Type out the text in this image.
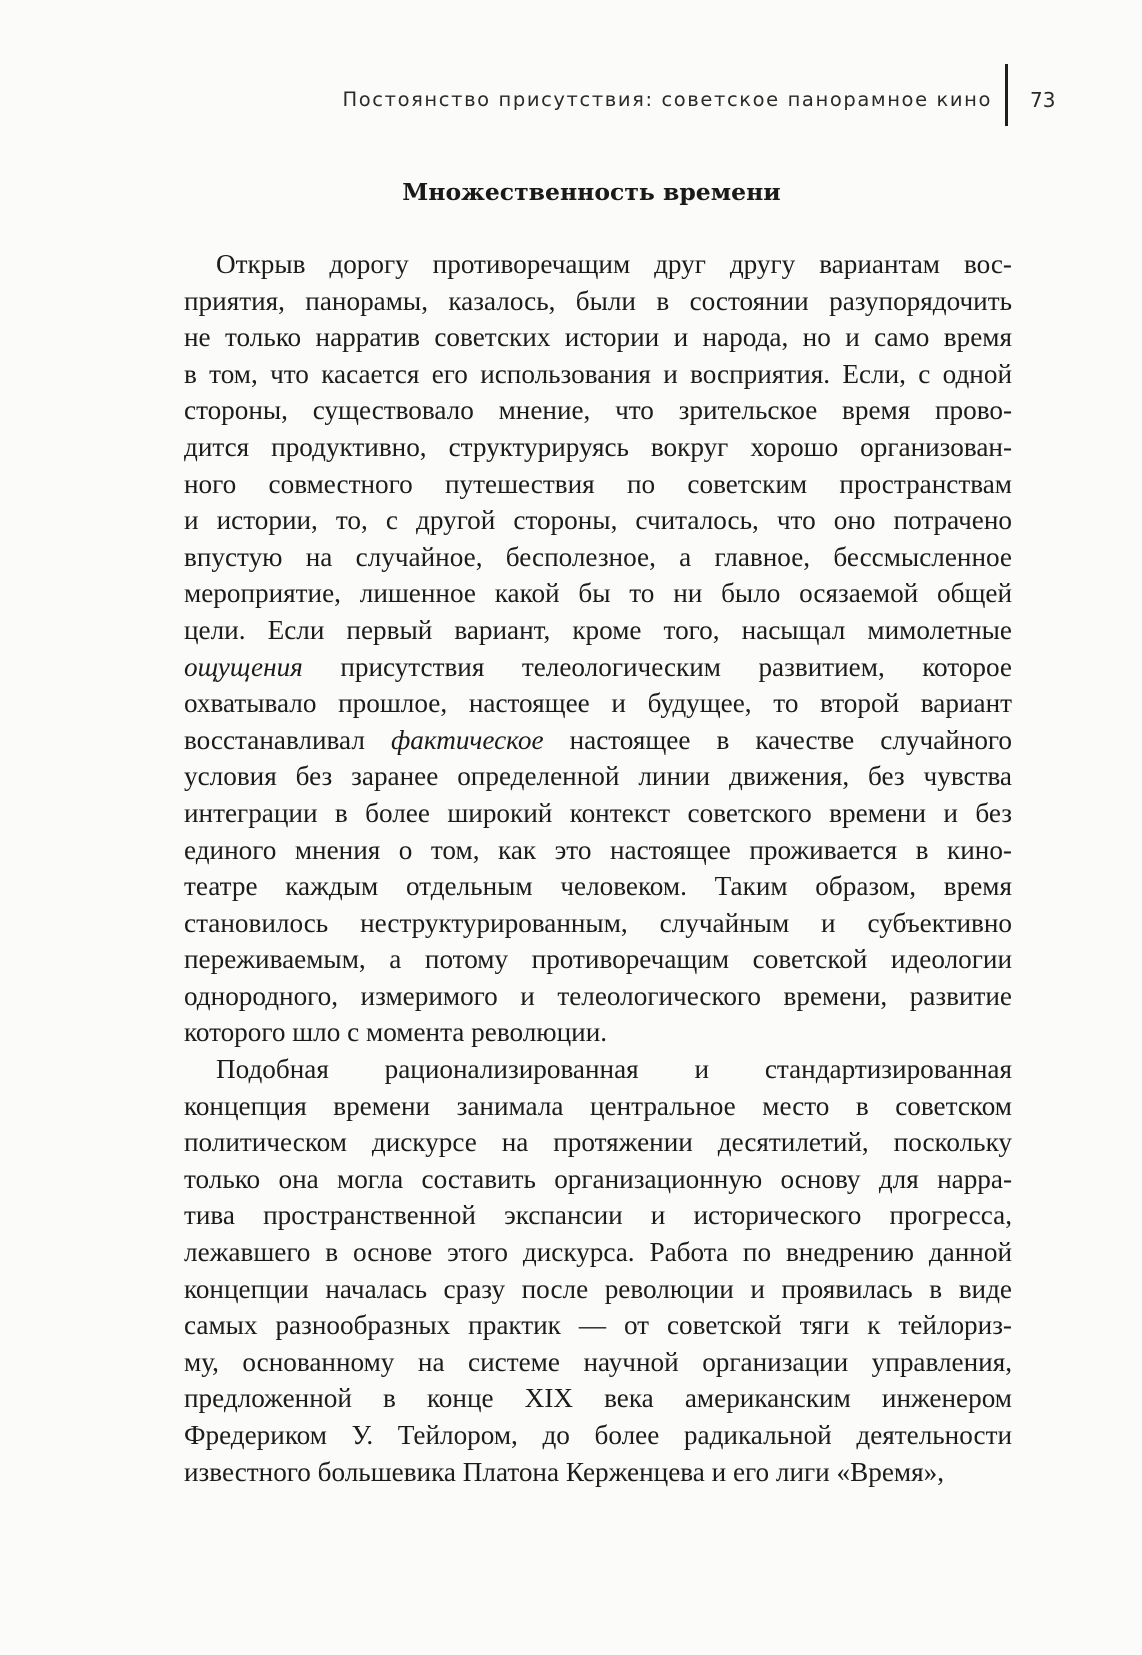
Постоянство присутствия: советское панорамное кино 73
Множественность времени
Открыв дорогу противоречащим друг другу вариантам вос-
приятия, панорамы, казалось, были в состоянии разупорядочить
не только нарратив советских истории и народа, но и само время
в том, что касается его использования и восприятия. Если, с одной
стороны, существовало мнение, что зрительское время прово-
дится продуктивно, структурируясь вокруг хорошо организован-
ного совместного путешествия по советским пространствам
и истории, то, с другой стороны, считалось, что оно потрачено
впустую на случайное, бесполезное, а главное, бессмысленное
мероприятие, лишенное какой бы то ни было осязаемой общей
цели. Если первый вариант, кроме того, насыщал мимолетные
ощущения присутствия телеологическим развитием, которое
охватывало прошлое, настоящее и будущее, то второй вариант
восстанавливал фактическое настоящее в качестве случайного
условия без заранее определенной линии движения, без чувства
интеграции в более широкий контекст советского времени и без
единого мнения о том, как это настоящее проживается в кино-
театре каждым отдельным человеком. Таким образом, время
становилось неструктурированным, случайным и субъективно
переживаемым, а потому противоречащим советской идеологии
однородного, измеримого и телеологического времени, развитие
которого шло с момента революции.
Подобная рационализированная и стандартизированная
концепция времени занимала центральное место в советском
политическом дискурсе на протяжении десятилетий, поскольку
только она могла составить организационную основу для нарра-
тива пространственной экспансии и исторического прогресса,
лежавшего в основе этого дискурса. Работа по внедрению данной
концепции началась сразу после революции и проявилась в виде
самых разнообразных практик — от советской тяги к тейлориз-
му, основанному на системе научной организации управления,
предложенной в конце XIX века американским инженером
Фредериком У. Тейлором, до более радикальной деятельности
известного большевика Платона Керженцева и его лиги «Время»,
